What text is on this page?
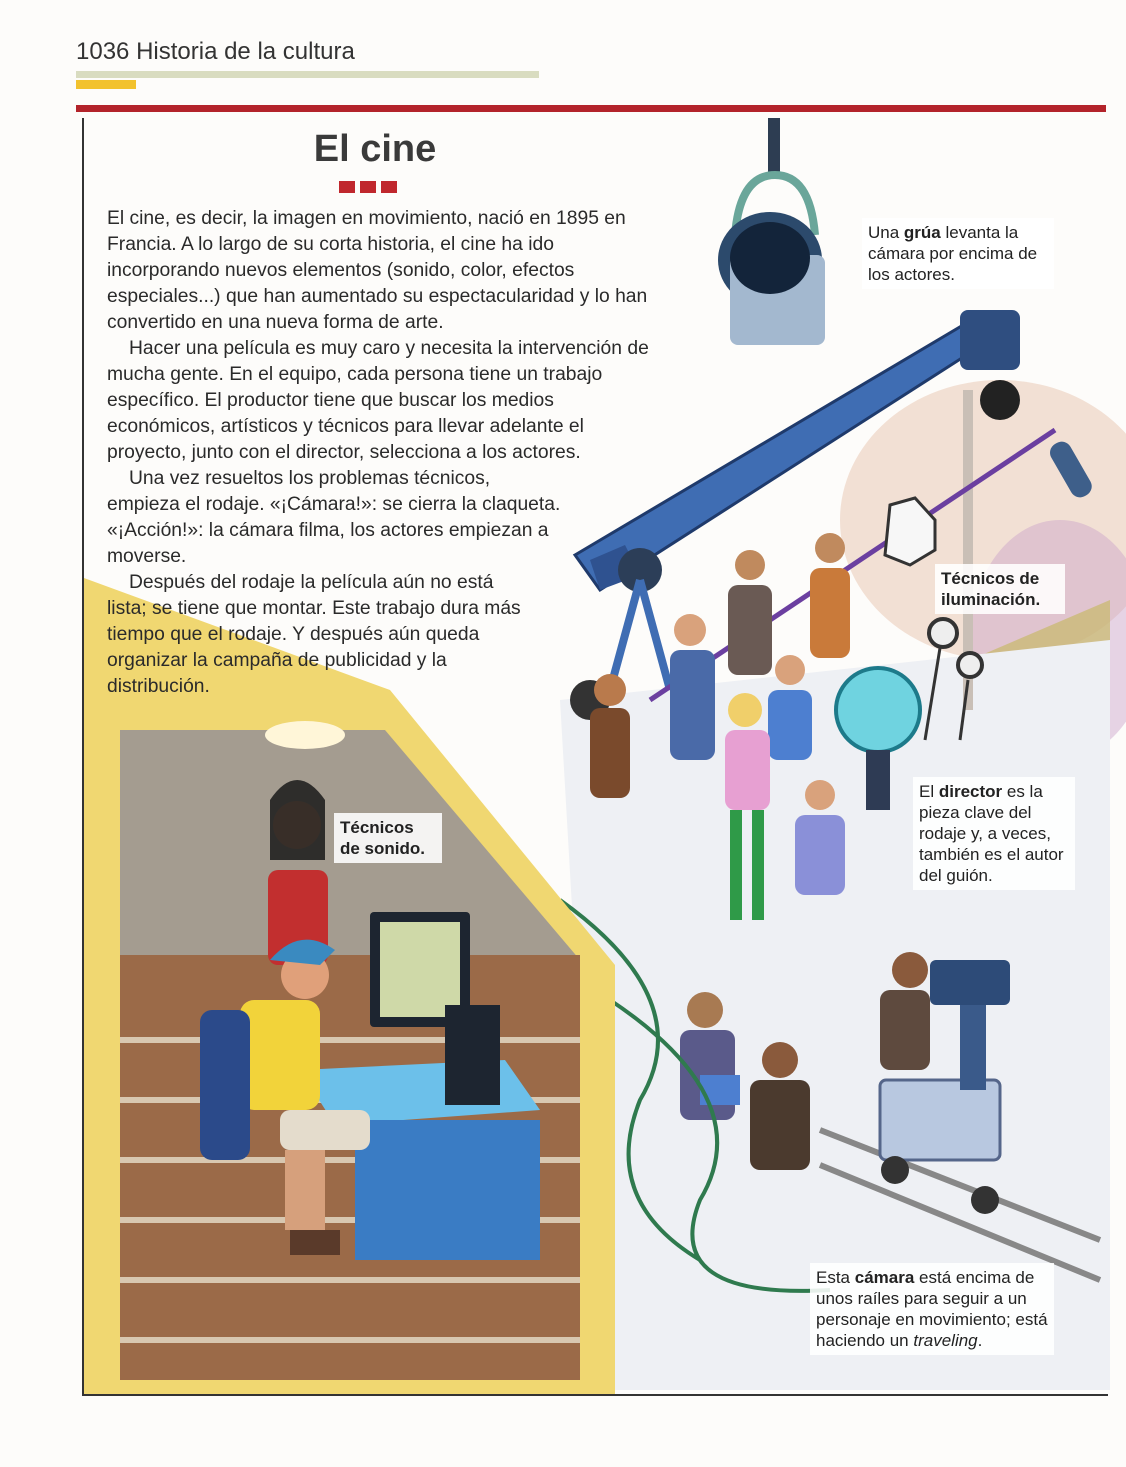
1036 Historia de la cultura
El cine

El cine, es decir, la imagen en movimiento, nació en 1895 en Francia. A lo largo de su corta historia, el cine ha ido incorporando nuevos elementos (sonido, color, efectos especiales...) que han aumentado su espectacularidad y lo han convertido en una nueva forma de arte.

Hacer una película es muy caro y necesita la intervención de mucha gente. En el equipo, cada persona tiene un trabajo específico. El productor tiene que buscar los medios económicos, artísticos y técnicos para llevar adelante el proyecto, junto con el director, selecciona a los actores.

Una vez resueltos los problemas técnicos, empieza el rodaje. «¡Cámara!»: se cierra la claqueta. «¡Acción!»: la cámara filma, los actores empiezan a moverse.

Después del rodaje la película aún no está lista; se tiene que montar. Este trabajo dura más tiempo que el rodaje. Y después aún queda organizar la campaña de publicidad y la distribución.

Una grúa levanta la cámara por encima de los actores.
Técnicos de iluminación.
Técnicos de sonido.
El director es la pieza clave del rodaje y, a veces, también es el autor del guión.
Esta cámara está encima de unos raíles para seguir a un personaje en movimiento; está haciendo un traveling.
